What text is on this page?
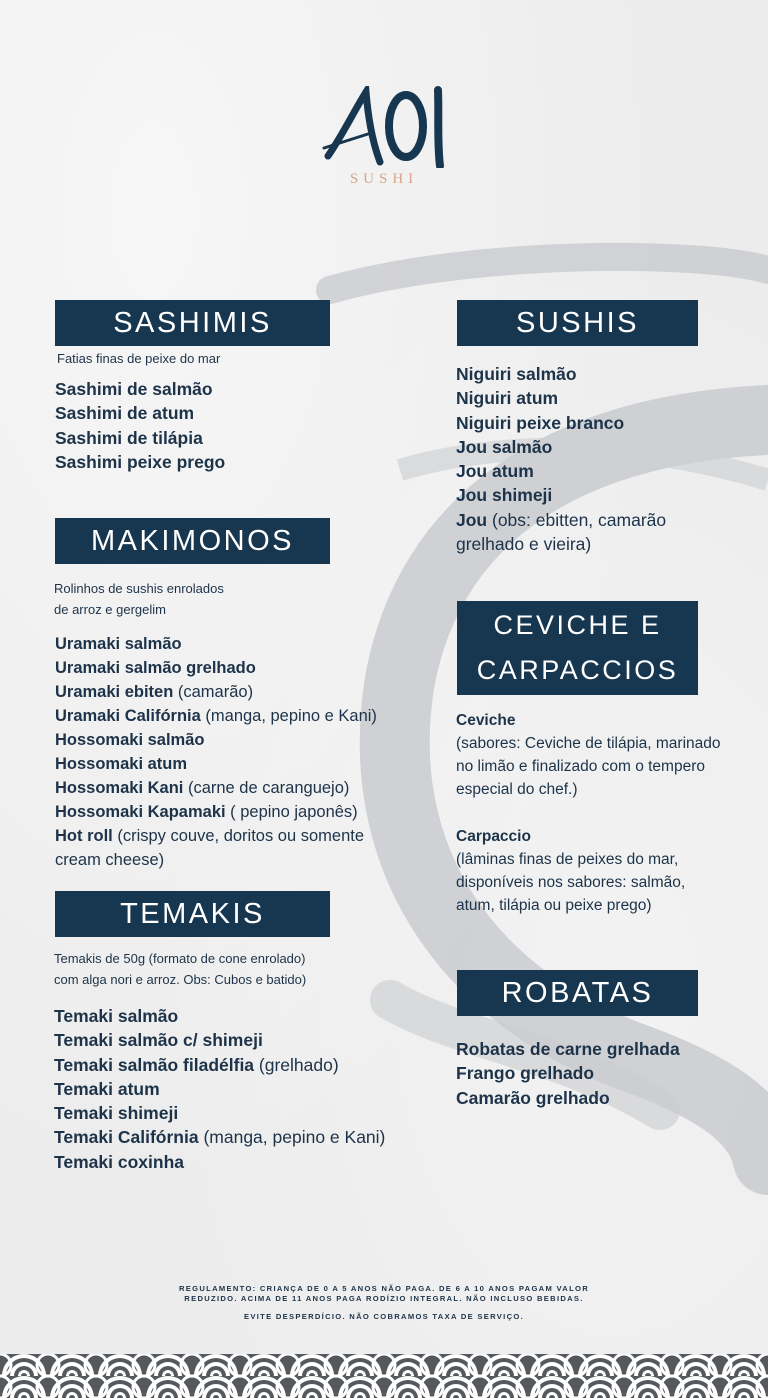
SUSHI
SASHIMIS
Fatias finas de peixe do mar
Sashimi de salmão
Sashimi de atum
Sashimi de tilápia
Sashimi peixe prego
MAKIMONOS
Rolinhos de sushis enrolados
de arroz e gergelim
Uramaki salmão
Uramaki salmão grelhado
Uramaki ebiten (camarão)
Uramaki Califórnia (manga, pepino e Kani)
Hossomaki salmão
Hossomaki atum
Hossomaki Kani (carne de caranguejo)
Hossomaki Kapamaki ( pepino japonês)
Hot roll (crispy couve, doritos ou somente cream cheese)
TEMAKIS
Temakis de 50g (formato de cone enrolado)
com alga nori e arroz. Obs: Cubos e batido)
Temaki salmão
Temaki salmão c/ shimeji
Temaki salmão filadélfia (grelhado)
Temaki atum
Temaki shimeji
Temaki Califórnia (manga, pepino e Kani)
Temaki coxinha
SUSHIS
Niguiri salmão
Niguiri atum
Niguiri peixe branco
Jou salmão
Jou atum
Jou shimeji
Jou (obs: ebitten, camarão grelhado e vieira)
CEVICHE E
CARPACCIOS
Ceviche
(sabores: Ceviche de tilápia, marinado no limão e finalizado com o tempero especial do chef.)
Carpaccio
(lâminas finas de peixes do mar, disponíveis nos sabores: salmão, atum, tilápia ou peixe prego)
ROBATAS
Robatas de carne grelhada
Frango grelhado
Camarão grelhado
REGULAMENTO: CRIANÇA DE 0 A 5 ANOS NÃO PAGA. DE 6 A 10 ANOS PAGAM VALOR
REDUZIDO. ACIMA DE 11 ANOS PAGA RODÍZIO INTEGRAL. NÃO INCLUSO BEBIDAS.
EVITE DESPERDÍCIO. NÃO COBRAMOS TAXA DE SERVIÇO.
